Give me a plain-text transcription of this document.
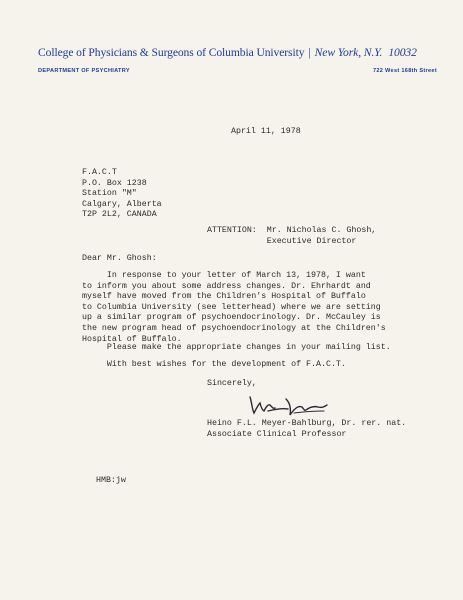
College of Physicians & Surgeons of Columbia University | New York, N.Y. 10032
DEPARTMENT OF PSYCHIATRY	722 West 168th Street
April 11, 1978
F.A.C.T
P.O. Box 1238
Station "M"
Calgary, Alberta
T2P 2L2, CANADA
ATTENTION:  Mr. Nicholas C. Ghosh,
Executive Director
Dear Mr. Ghosh:
In response to your letter of March 13, 1978, I want
to inform you about some address changes. Dr. Ehrhardt and
myself have moved from the Children's Hospital of Buffalo
to Columbia University (see letterhead) where we are setting
up a similar program of psychoendocrinology. Dr. McCauley is
the new program head of psychoendocrinology at the Children's
Hospital of Buffalo.
Please make the appropriate changes in your mailing list.
With best wishes for the development of F.A.C.T.
Sincerely,
Heino F.L. Meyer-Bahlburg, Dr. rer. nat.
Associate Clinical Professor
HMB:jw
